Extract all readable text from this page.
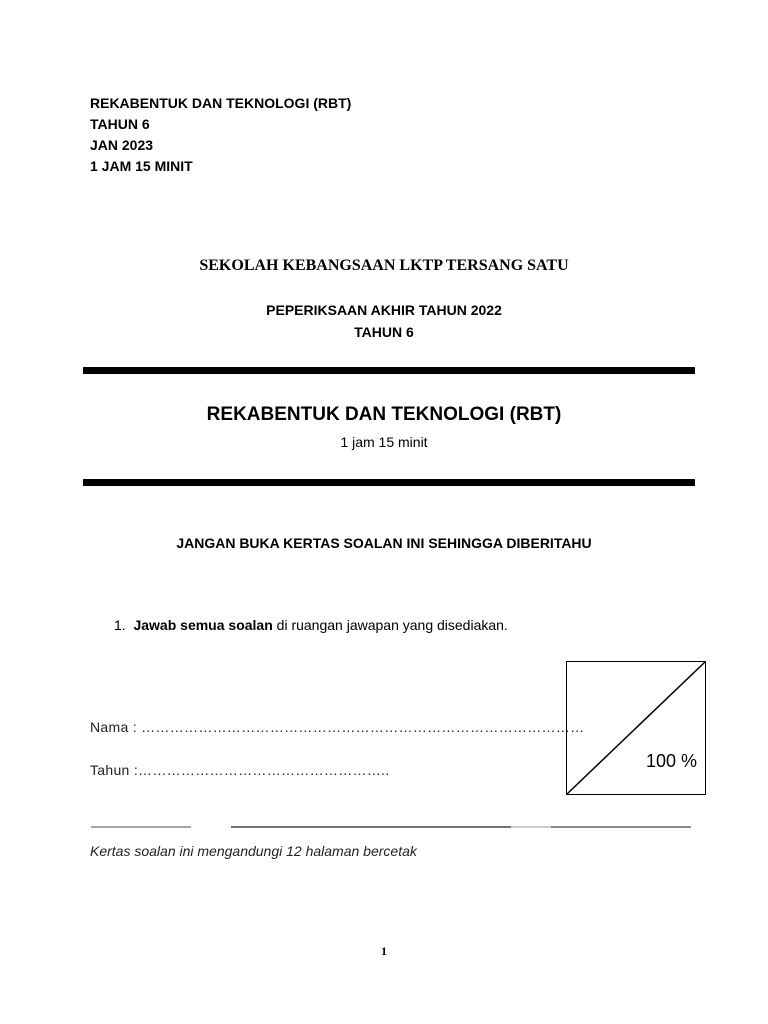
REKABENTUK DAN TEKNOLOGI (RBT)
TAHUN 6
JAN 2023
1 JAM 15 MINIT
SEKOLAH KEBANGSAAN LKTP TERSANG SATU
PEPERIKSAAN AKHIR TAHUN 2022
TAHUN 6
REKABENTUK DAN TEKNOLOGI (RBT)
1 jam 15 minit
JANGAN BUKA KERTAS SOALAN INI SEHINGGA DIBERITAHU
1. Jawab semua soalan di ruangan jawapan yang disediakan.
Nama : …………………………………………………………………………………
Tahun :……………………………………………..	100 %
Kertas soalan ini mengandungi 12 halaman bercetak
1
